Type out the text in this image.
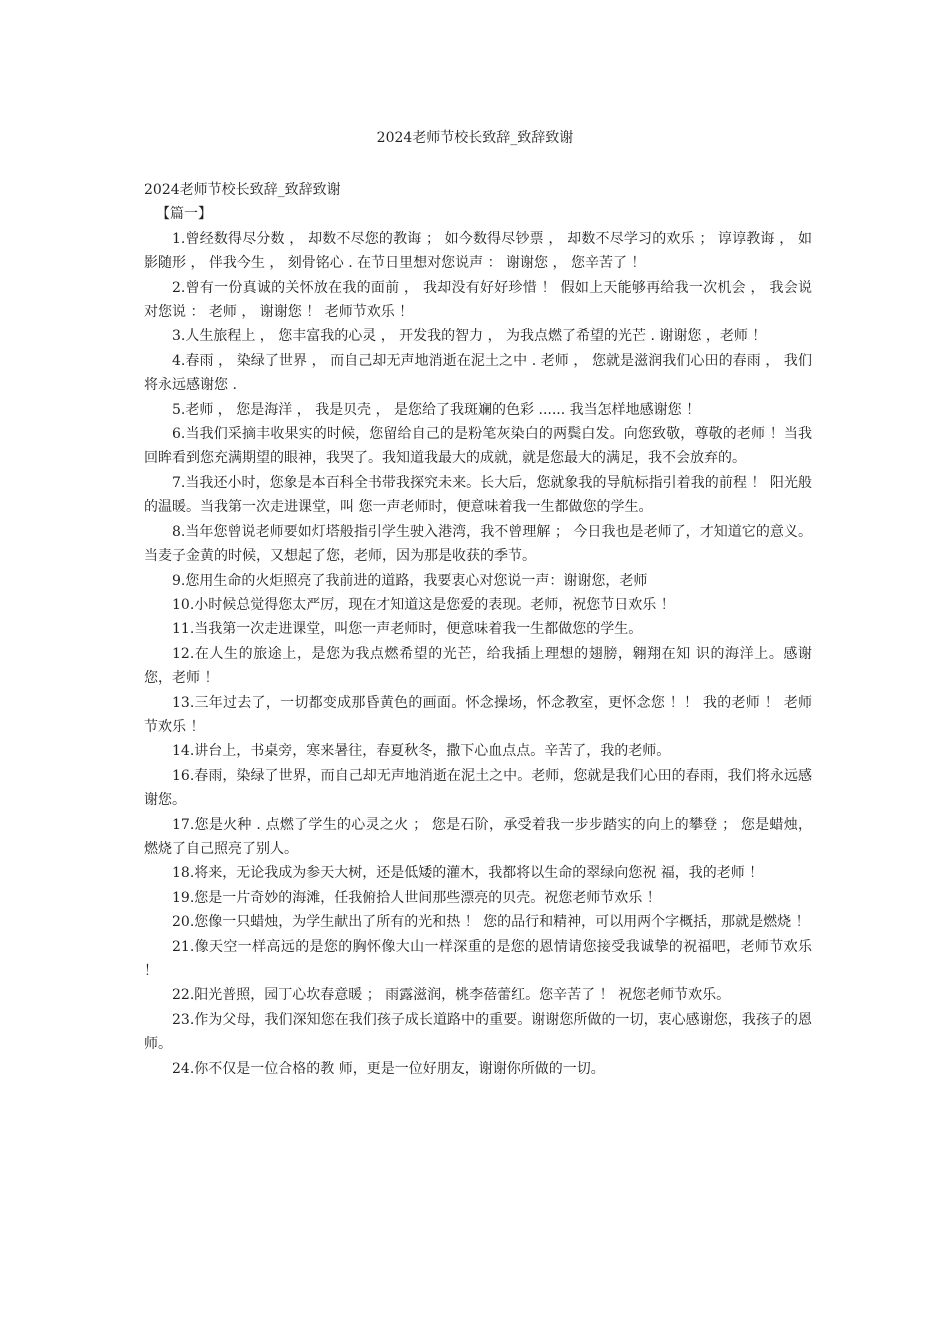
2024老师节校长致辞_致辞致谢

2024老师节校长致辞_致辞致谢

【篇一】

1.曾经数得尽分数 ， 却数不尽您的教诲 ； 如今数得尽钞票 ， 却数不尽学习的欢乐 ； 谆谆教诲 ， 如影随形 ， 伴我今生 ， 刻骨铭心 . 在节日里想对您说声 ： 谢谢您 ， 您辛苦了 ！

2.曾有一份真诚的关怀放在我的面前 ， 我却没有好好珍惜 ！ 假如上天能够再给我一次机会 ， 我会说对您说 ： 老师 ， 谢谢您 ！ 老师节欢乐 ！

3.人生旅程上 ， 您丰富我的心灵 ， 开发我的智力 ， 为我点燃了希望的光芒 . 谢谢您 ，老师 ！

4.春雨 ， 染绿了世界 ， 而自己却无声地消逝在泥土之中 . 老师 ， 您就是滋润我们心田的春雨 ， 我们将永远感谢您 .

5.老师 ， 您是海洋 ， 我是贝壳 ， 是您给了我斑斓的色彩 ...... 我当怎样地感谢您 ！

6.当我们采摘丰收果实的时候，您留给自己的是粉笔灰染白的两鬓白发。向您致敬，尊敬的老师 ！当我回眸看到您充满期望的眼神，我哭了。我知道我最大的成就，就是您最大的满足，我不会放弃的。

7.当我还小时，您象是本百科全书带我探究未来。长大后，您就象我的导航标指引着我的前程 ！ 阳光般的温暖。当我第一次走进课堂，叫 您一声老师时，便意味着我一生都做您的学生。

8.当年您曾说老师要如灯塔般指引学生驶入港湾，我不曾理解 ； 今日我也是老师了，才知道它的意义。当麦子金黄的时候，又想起了您，老师，因为那是收获的季节。

9.您用生命的火炬照亮了我前进的道路，我要衷心对您说一声：谢谢您，老师

10.小时候总觉得您太严厉，现在才知道这是您爱的表现。老师，祝您节日欢乐 ！

11.当我第一次走进课堂，叫您一声老师时，便意味着我一生都做您的学生。

12.在人生的旅途上，是您为我点燃希望的光芒，给我插上理想的翅膀，翱翔在知 识的海洋上。感谢您，老师 ！

13.三年过去了，一切都变成那昏黄色的画面。怀念操场，怀念教室，更怀念您 ！！ 我的老师 ！ 老师节欢乐 ！

14.讲台上，书桌旁，寒来暑往，春夏秋冬，撒下心血点点。辛苦了，我的老师。

16.春雨，染绿了世界，而自己却无声地消逝在泥土之中。老师，您就是我们心田的春雨，我们将永远感谢您。

17.您是火种 . 点燃了学生的心灵之火 ； 您是石阶，承受着我一步步踏实的向上的攀登 ； 您是蜡烛，燃烧了自己照亮了别人。

18.将来，无论我成为参天大树，还是低矮的灌木，我都将以生命的翠绿向您祝 福，我的老师 ！

19.您是一片奇妙的海滩，任我俯拾人世间那些漂亮的贝壳。祝您老师节欢乐 ！

20.您像一只蜡烛，为学生献出了所有的光和热 ！ 您的品行和精神，可以用两个字概括，那就是燃烧 ！

21.像天空一样高远的是您的胸怀像大山一样深重的是您的恩情请您接受我诚挚的祝福吧，老师节欢乐 ！

22.阳光普照，园丁心坎春意暖 ； 雨露滋润，桃李蓓蕾红。您辛苦了 ！ 祝您老师节欢乐。

23.作为父母，我们深知您在我们孩子成长道路中的重要。谢谢您所做的一切，衷心感谢您，我孩子的恩师。

24.你不仅是一位合格的教 师，更是一位好朋友，谢谢你所做的一切。
